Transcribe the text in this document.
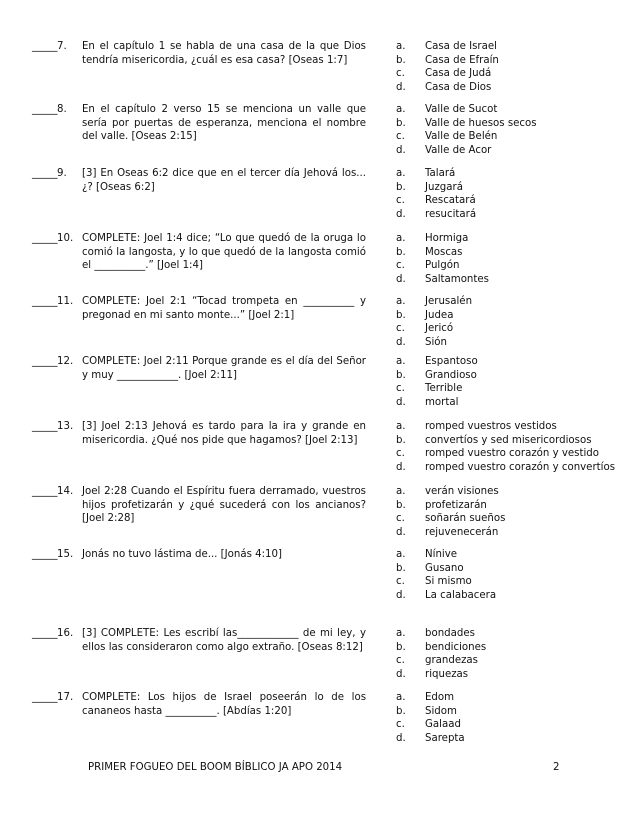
_____ 7.	En el capítulo 1 se habla de una casa de la que Dios tendría misericordia, ¿cuál es esa casa? [Oseas 1:7]
a. Casa de Israel
b. Casa de Efraín
c. Casa de Judá
d. Casa de Dios
_____ 8.	En el capítulo 2 verso 15 se menciona un valle que sería por puertas de esperanza, menciona el nombre del valle. [Oseas 2:15]
a. Valle de Sucot
b. Valle de huesos secos
c. Valle de Belén
d. Valle de Acor
_____ 9.	[3] En Oseas 6:2 dice que en el tercer día Jehová los...¿? [Oseas 6:2]
a. Talará
b. Juzgará
c. Rescatará
d. resucitará
_____ 10. COMPLETE: Joel 1:4 dice; “Lo que quedó de la oruga lo comió la langosta, y lo que quedó de la langosta comió el __________.” [Joel 1:4]
a. Hormiga
b. Moscas
c. Pulgón
d. Saltamontes
_____ 11. COMPLETE: Joel 2:1 “Tocad trompeta en __________ y pregonad en mi santo monte...” [Joel 2:1]
a. Jerusalén
b. Judea
c. Jericó
d. Sión
_____ 12. COMPLETE: Joel 2:11 Porque grande es el día del Señor y muy ____________. [Joel 2:11]
a. Espantoso
b. Grandioso
c. Terrible
d. mortal
_____ 13. [3] Joel 2:13 Jehová es tardo para la ira y grande en misericordia. ¿Qué nos pide que hagamos? [Joel 2:13]
a. romped vuestros vestidos
b. convertíos y sed misericordiosos
c. romped vuestro corazón y vestido
d. romped vuestro corazón y convertíos
_____ 14. Joel 2:28 Cuando el Espíritu fuera derramado, vuestros hijos profetizarán y ¿qué sucederá con los ancianos? [Joel 2:28]
a. verán visiones
b. profetizarán
c. soñarán sueños
d. rejuvenecerán
_____ 15. Jonás no tuvo lástima de... [Jonás 4:10]	a. Nínive
b. Gusano
c. Si mismo
d. La calabacera
_____ 16. [3] COMPLETE: Les escribí las____________ de mi ley, y ellos las consideraron como algo extraño. [Oseas 8:12]
a. bondades
b. bendiciones
c. grandezas
d. riquezas
_____ 17. COMPLETE: Los hijos de Israel poseerán lo de los cananeos hasta __________. [Abdías 1:20]
a. Edom
b. Sidom
c. Galaad
d. Sarepta
PRIMER FOGUEO DEL BOOM BÍBLICO JA APO 2014	2
